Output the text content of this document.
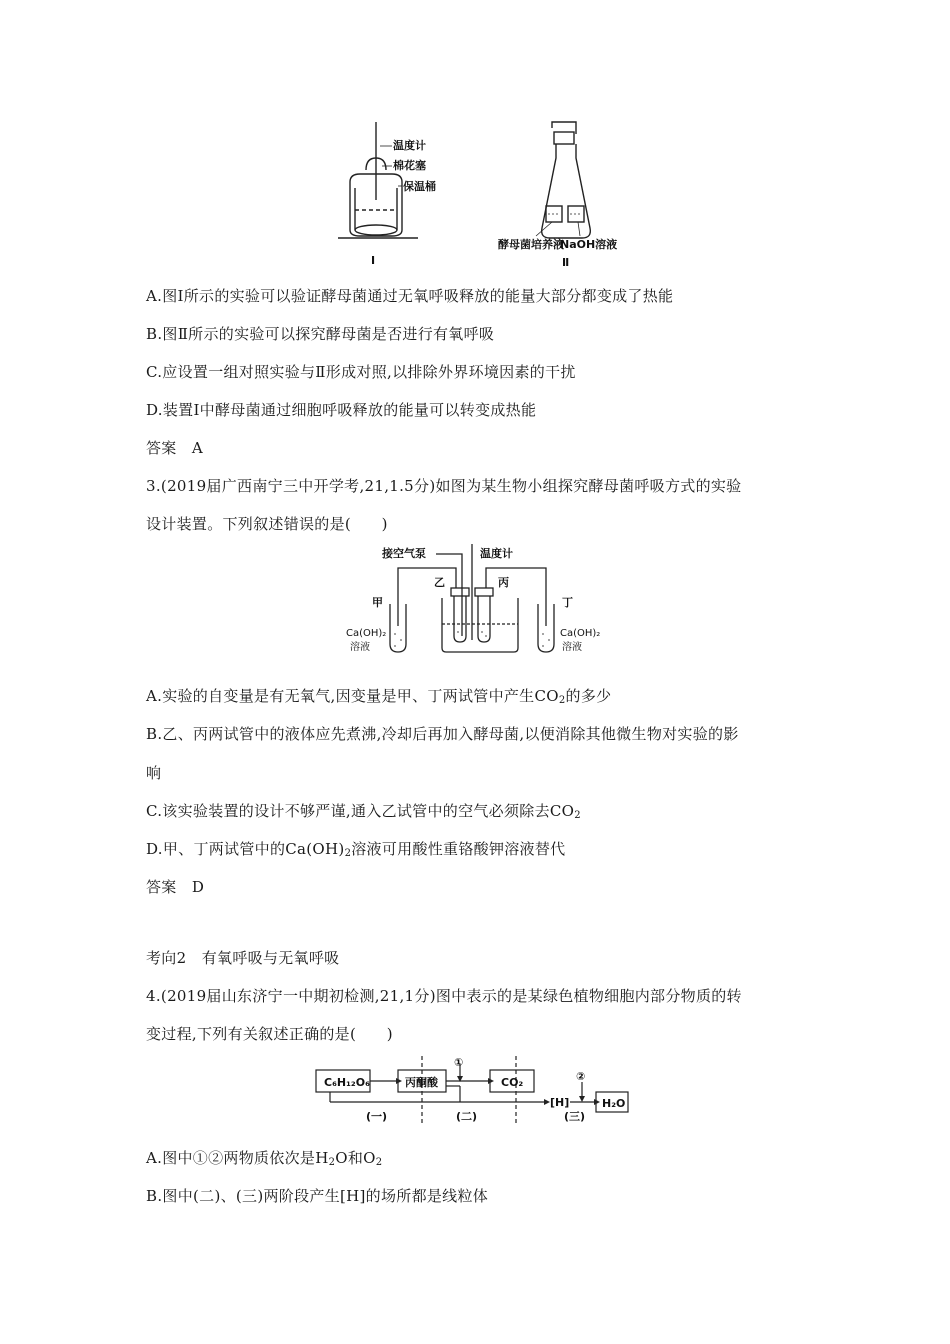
温度计
棉花塞
保温桶
Ⅰ
酵母菌培养液
NaOH溶液
Ⅱ
A.图Ⅰ所示的实验可以验证酵母菌通过无氧呼吸释放的能量大部分都变成了热能
B.图Ⅱ所示的实验可以探究酵母菌是否进行有氧呼吸
C.应设置一组对照实验与Ⅱ形成对照,以排除外界环境因素的干扰
D.装置Ⅰ中酵母菌通过细胞呼吸释放的能量可以转变成热能
答案　A
3.(2019届广西南宁三中开学考,21,1.5分)如图为某生物小组探究酵母菌呼吸方式的实验
设计装置。下列叙述错误的是(　　)
接空气泵	温度计
乙	丙
甲	丁
Ca(OH)₂
溶液
Ca(OH)₂
溶液
A.实验的自变量是有无氧气,因变量是甲、丁两试管中产生$CO_2$的多少
B.乙、丙两试管中的液体应先煮沸,冷却后再加入酵母菌,以便消除其他微生物对实验的影
响
C.该实验装置的设计不够严谨,通入乙试管中的空气必须除去$CO_2$
D.甲、丁两试管中的$Ca(OH)_2$溶液可用酸性重铬酸钾溶液替代
答案　D
考向2　有氧呼吸与无氧呼吸
4.(2019届山东济宁一中期初检测,21,1分)图中表示的是某绿色植物细胞内部分物质的转
变过程,下列有关叙述正确的是(　　)
C₆H₁₂O₆	丙酮酸	CO₂
[H]	H₂O
①
②
(一)	(二)	(三)
A.图中①②两物质依次是$H_2O$和$O_2$
B.图中(二)、(三)两阶段产生[H]的场所都是线粒体
